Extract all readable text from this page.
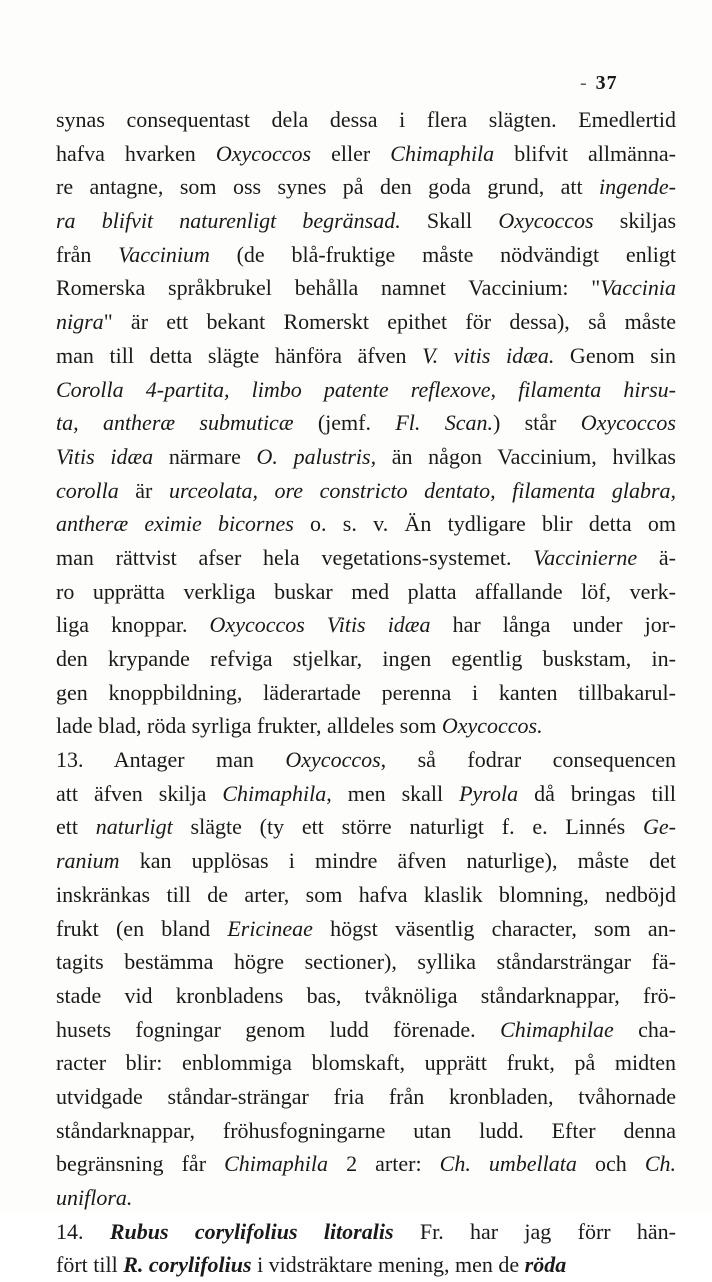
- 37
synas consequentast dela dessa i flera slägten. Emedlertid
hafva hvarken Oxycoccos eller Chimaphila blifvit allmänna-
re antagne, som oss synes på den goda grund, att ingende-
ra blifvit naturenligt begränsad. Skall Oxycoccos skiljas
från Vaccinium (de blå-fruktige måste nödvändigt enligt
Romerska språkbrukel behålla namnet Vaccinium: "Vaccinia
nigra" är ett bekant Romerskt epithet för dessa), så måste
man till detta slägte hänföra äfven V. vitis idæa. Genom sin
Corolla 4-partita, limbo patente reflexove, filamenta hirsu-
ta, antheræ submuticæ (jemf. Fl. Scan.) står Oxycoccos
Vitis idæa närmare O. palustris, än någon Vaccinium, hvilkas
corolla är urceolata, ore constricto dentato, filamenta glabra,
antheræ eximie bicornes o. s. v. Än tydligare blir detta om
man rättvist afser hela vegetations-systemet. Vaccinierne ä-
ro upprätta verkliga buskar med platta affallande löf, verk-
liga knoppar. Oxycoccos Vitis idæa har långa under jor-
den krypande refviga stjelkar, ingen egentlig buskstam, in-
gen knoppbildning, läderartade perenna i kanten tillbakarul-
lade blad, röda syrliga frukter, alldeles som Oxycoccos.
13. Antager man Oxycoccos, så fodrar consequencen
att äfven skilja Chimaphila, men skall Pyrola då bringas till
ett naturligt slägte (ty ett större naturligt f. e. Linnés Ge-
ranium kan upplösas i mindre äfven naturlige), måste det
inskränkas till de arter, som hafva klaslik blomning, nedböjd
frukt (en bland Ericineae högst väsentlig character, som an-
tagits bestämma högre sectioner), syllika ståndarsträngar fä-
stade vid kronbladens bas, tvåknöliga ståndarknappar, frö-
husets fogningar genom ludd förenade. Chimaphilae cha-
racter blir: enblommiga blomskaft, upprätt frukt, på midten
utvidgade ståndar-strängar fria från kronbladen, tvåhornade
ståndarknappar, fröhusfogningarne utan ludd. Efter denna
begränsning får Chimaphila 2 arter: Ch. umbellata och Ch.
uniflora.
14. Rubus corylifolius litoralis Fr. har jag förr hän-
fört till R. corylifolius i vidsträktare mening, men de röda
